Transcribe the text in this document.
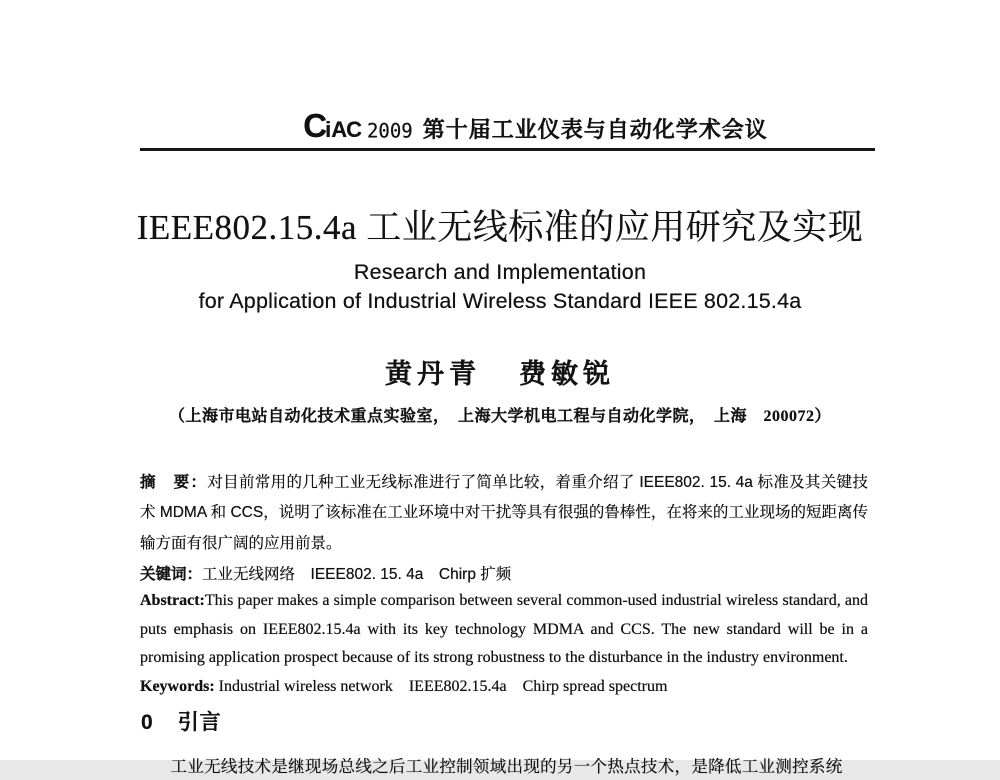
C i AC 2009 第十届工业仪表与自动化学术会议
IEEE802.15.4a 工业无线标准的应用研究及实现
Research and Implementation
for Application of Industrial Wireless Standard IEEE 802.15.4a
黄丹青 费敏锐
（上海市电站自动化技术重点实验室，　上海大学机电工程与自动化学院，　上海　200072）

摘　要：对目前常用的几种工业无线标准进行了简单比较，着重介绍了 IEEE802. 15. 4a 标准及其关键技术 MDMA 和 CCS，说明了该标准在工业环境中对干扰等具有很强的鲁棒性，在将来的工业现场的短距离传输方面有很广阔的应用前景。

关键词：工业无线网络　IEEE802. 15. 4a　Chirp 扩频

Abstract:This paper makes a simple comparison between several common-used industrial wireless standard, and puts emphasis on IEEE802.15.4a with its key technology MDMA and CCS. The new standard will be in a promising application prospect because of its strong robustness to the disturbance in the industry environment.

Keywords: Industrial wireless network IEEE802.15.4a Chirp spread spectrum

0 引言

工业无线技术是继现场总线之后工业控制领域出现的另一个热点技术，是降低工业测控系统
